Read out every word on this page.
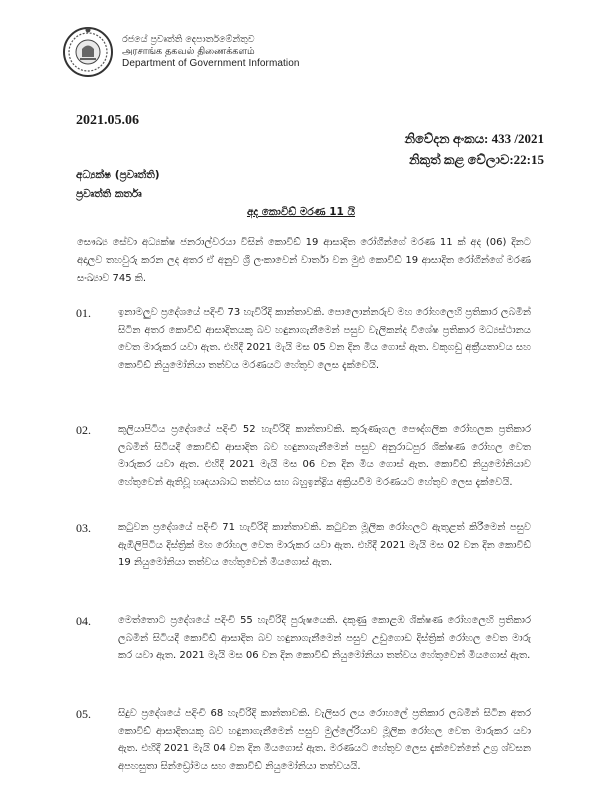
රජයේ ප්‍රවෘත්ති දෙපාර්තමේන්තුව
அரசாங்க தகவல் திணைக்களம்
Department of Government Information
2021.05.06
නිවේදන අංකය: 433 /2021
නිකුත් කළ වේලාව:22:15
අධ්‍යක්ෂ (ප්‍රවෘත්ති)
ප්‍රවෘත්ති කර්තෘ
අද කොවිඩ් මරණ 11 යි
සෞඛ්‍ය සේවා අධ්‍යක්ෂ ජනරාල්වරයා විසින් කොවිඩ් 19 ආසාදිත රෝගීන්ගේ මරණ 11 ක් අද (06) දිනට අදාලව තහවුරු කරන ලද අතර ඒ අනුව ශ්‍රී ලංකාවෙන් වාර්තා වන මුළු කොවිඩ් 19 ආසාදිත රෝගීන්ගේ මරණ සංඛ්‍යාව 745 කි.
01.	ඉනාමලුව ප්‍රදේශයේ පදිංචි 73 හැවිරිදි කාන්තාවකි. පොලොන්නරුව මහ රෝහලෙහි ප්‍රතිකාර ලබමින් සිටින අතර කොවිඩ් ආසාදිතයකු බව හඳුනාගැනීමෙන් පසුව වැලිකන්ද විශේෂ ප්‍රතිකාර මධ්‍යස්ථානය වෙත මාරුකර යවා ඇත. එහිදී 2021 මැයි මස 05 වන දින මිය ගොස් ඇත. වකුගඩු අක්‍රීයතාවය සහ කොවිඩ් නියුමෝනියා තත්වය මරණයට හේතුව ලෙස දැක්වෙයි.
02.	කුලියාපිටිය ප්‍රදේශයේ පදිංචි 52 හැවිරිදි කාන්තාවකි. කුරුණෑගල පෞද්ගලික රෝහලක ප්‍රතිකාර ලබමින් සිටියදී කොවිඩ් ආසාදිත බව හඳුනාගැනීමෙන් පසුව අනුරාධපුර ශික්ෂණ රෝහල වෙත මාරුකර යවා ඇත. එහිදී 2021 මැයි මස 06 වන දින මිය ගොස් ඇත. කොවිඩ් නියුමෝනියාව හේතුවෙන් ඇතිවූ හෘදයාබාධ තත්වය සහ බහුඉන්ද්‍රිය අක්‍රියවීම මරණයට හේතුව ලෙස දැක්වෙයි.
03.	කටුවන ප්‍රදේශයේ පදිංචි 71 හැවිරිදි කාන්තාවකි. කටුවන මූලික රෝහලට ඇතුළත් කිරීමෙන් පසුව ඇඹිලිපිටිය දිස්ත්‍රික් මහ රෝහල වෙත මාරුකර යවා ඇත. එහිදී 2021 මැයි මස 02 වන දින කොවිඩ් 19 නියුමෝනියා තත්වය හේතුවෙන් මියගොස් ඇත.
04.	මෙත්තොට ප්‍රදේශයේ පදිංචි 55 හැවිරිදි පුරුෂයෙකි. දකුණු කොළඹ ශික්ෂණ රෝහලෙහි ප්‍රතිකාර ලබමින් සිටියදී කොවිඩ් ආසාදිත බව හඳුනාගැනීමෙන් පසුව උඩුගොඩ දිස්ත්‍රික් රෝහල වෙත මාරු කර යවා ඇත. 2021 මැයි මස 06 වන දින කොවිඩ් නියුමෝනියා තත්වය හේතුවෙන් මියගොස් ඇත.
05.	සිදුව ප්‍රදේශයේ පදිංචි 68 හැවිරිදි කාන්තාවකි. වැලිසර ලය රොහලේ ප්‍රතිකාර ලබමින් සිටින අතර කොවිඩ් ආසාදිතයකු බව හඳුනාගැනීමෙන් පසුව මුල්ලේරියාව මූලික රෝහල වෙත මාරුකර යවා ඇත. එහිදී 2021 මැයි 04 වන දින මියගොස් ඇත. මරණයට හේතුව ලෙස දැක්වෙන්නේ උග්‍ර ශ්වසන අපහසුතා සින්ඩ්‍රෝමය සහ කොවිඩ් නියුමෝනියා තත්වයයි.
